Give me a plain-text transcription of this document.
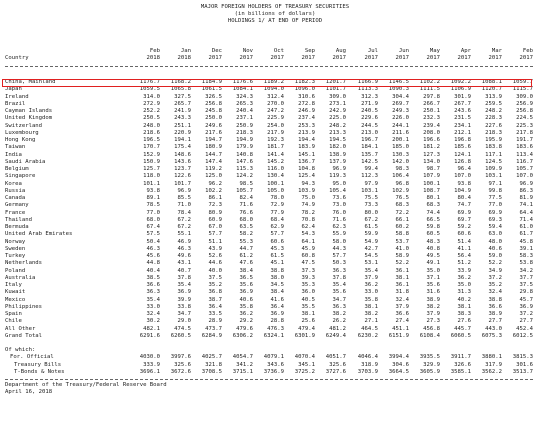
MAJOR FOREIGN HOLDERS OF TREASURY SECURITIES
(in billions of dollars)
HOLDINGS 1/ AT END OF PERIOD
Feb	Jan	Dec	Nov	Oct	Sep	Aug	Jul	Jun	May	Apr	Mar	Feb
2018	2018	2017	2017	2017	2017	2017	2017	2017	2017	2017	2017	2017
Country
China, Mainland	1176.7	1168.2	1184.9	1176.6	1189.2	1182.3	1201.7	1166.9	1146.5	1102.2	1092.2	1088.1	1059.7
Japan	1059.5	1065.8	1061.5	1084.1	1094.0	1096.0	1101.7	1113.3	1090.3	1111.5	1106.9	1120.7	1115.7
Ireland	314.0	327.5	326.5	324.3	312.4	310.6	309.0	312.3	304.4	297.8	301.9	313.9	309.0
Brazil	272.9	265.7	256.8	265.3	270.0	272.8	273.1	271.9	269.7	266.7	267.7	259.5	256.9
Cayman Islands	252.2	241.9	245.8	240.4	247.2	246.9	242.9	240.5	249.3	250.1	243.6	248.2	256.8
United Kingdom	250.5	243.3	250.0	237.1	225.9	237.4	225.0	229.6	226.0	232.3	231.5	228.3	224.5
Switzerland	248.0	251.1	249.6	250.9	254.0	253.3	248.2	244.5	244.1	239.4	234.1	227.6	225.3
Luxembourg	218.6	220.9	217.6	218.3	217.9	213.9	213.3	213.0	211.6	208.0	212.1	218.3	217.8
Hong Kong	196.5	194.1	194.7	194.9	192.3	194.4	194.5	196.7	200.1	196.6	196.8	195.9	191.7
Taiwan	170.7	175.4	180.9	179.9	181.7	183.9	182.0	184.1	185.0	181.2	185.6	183.8	183.6
India	152.9	148.6	144.7	140.8	141.4	145.1	138.9	135.7	130.3	127.3	124.1	117.1	113.4
Saudi Arabia	150.9	143.6	147.4	147.6	145.2	136.7	137.9	142.5	142.0	134.0	126.8	124.5	116.7
Belgium	125.7	123.7	119.2	115.3	116.0	104.8	96.9	99.4	98.3	98.7	96.4	109.9	105.7
Singapore	118.0	122.6	125.0	124.2	130.4	125.4	119.3	112.3	106.4	107.9	107.0	103.1	107.0
Korea	101.1	101.7	96.2	98.5	100.1	94.3	95.0	97.9	96.8	100.1	93.8	97.1	96.9
Russia	93.8	96.9	102.2	105.7	105.0	103.9	105.4	103.1	102.9	108.7	104.9	99.8	86.3
Canada	89.1	85.5	86.1	82.4	78.0	75.0	73.6	75.5	76.5	80.1	80.4	77.5	81.9
Germany	78.5	71.0	72.3	71.6	72.9	74.9	73.0	73.3	68.3	68.3	74.7	77.0	74.1
France	77.0	78.4	80.9	76.6	77.9	78.2	76.0	80.0	72.2	74.4	69.9	69.9	64.4
Thailand	68.0	67.2	60.9	68.0	68.4	70.8	71.6	67.2	66.1	66.5	69.7	69.3	71.4
Bermuda	67.4	67.2	67.0	63.5	62.9	62.4	62.3	61.5	60.2	59.8	59.2	59.4	61.0
United Arab Emirates	57.5	55.1	57.7	58.2	57.7	54.3	55.9	59.9	58.8	60.5	60.6	63.0	61.7
Norway	50.4	46.9	51.1	55.3	60.6	64.1	58.0	54.9	53.7	48.3	51.4	48.0	45.8
Sweden	46.3	46.3	43.9	44.7	45.3	45.9	44.3	42.7	41.0	40.8	41.1	40.6	39.1
Turkey	45.6	49.6	52.6	61.2	61.5	60.8	57.7	54.5	58.9	49.5	56.4	59.0	58.3
Netherlands	44.8	43.1	44.6	47.6	45.1	47.5	50.3	53.1	52.2	49.1	51.2	52.2	53.8
Poland	40.4	40.7	40.0	38.4	38.8	37.3	36.3	35.4	36.1	35.0	33.9	34.9	34.2
Australia	38.5	37.8	37.5	36.5	38.0	39.3	37.8	37.9	38.1	37.1	36.2	37.2	37.7
Italy	36.6	35.4	35.2	35.6	34.5	35.3	35.4	36.2	36.1	35.6	35.0	35.2	37.5
Kuwait	36.3	36.9	36.8	36.9	38.4	36.0	35.6	33.0	31.8	31.6	31.3	32.4	29.8
Mexico	35.4	39.9	38.7	40.6	41.6	40.5	34.7	35.8	32.4	38.9	40.2	38.8	45.7
Philippines	33.0	33.8	36.4	35.8	36.4	35.5	36.3	38.1	37.9	38.2	38.1	36.6	36.9
Spain	32.4	34.7	33.5	36.2	36.9	38.1	38.2	38.2	36.6	37.9	38.3	38.9	37.2
Chile	30.2	29.0	28.9	29.2	28.8	25.6	26.2	27.1	27.4	27.3	27.6	27.7	27.7
All Other	482.1	474.5	473.7	479.6	476.3	479.4	481.2	464.5	451.1	456.8	445.7	443.0	452.4
Grand Total	6291.6	6260.5	6284.9	6306.2	6324.1	6301.9	6249.4	6230.2	6151.9	6108.4	6060.5	6075.3	6012.5
Of which:
For. Official	4030.0	3997.6	4025.7	4054.7	4079.1	4070.4	4051.7	4046.4	3994.4	3935.5	3911.7	3880.1	3815.3
Treasury Bills	333.9	325.6	321.8	341.2	343.6	345.1	325.6	318.9	304.6	329.9	326.6	317.9	301.6
T-Bonds & Notes	3696.1	3672.6	3708.5	3715.1	3736.9	3725.2	3727.6	3703.9	3664.5	3605.9	3585.1	3562.2	3513.7
Department of the Treasury/Federal Reserve Board
April 16, 2018
